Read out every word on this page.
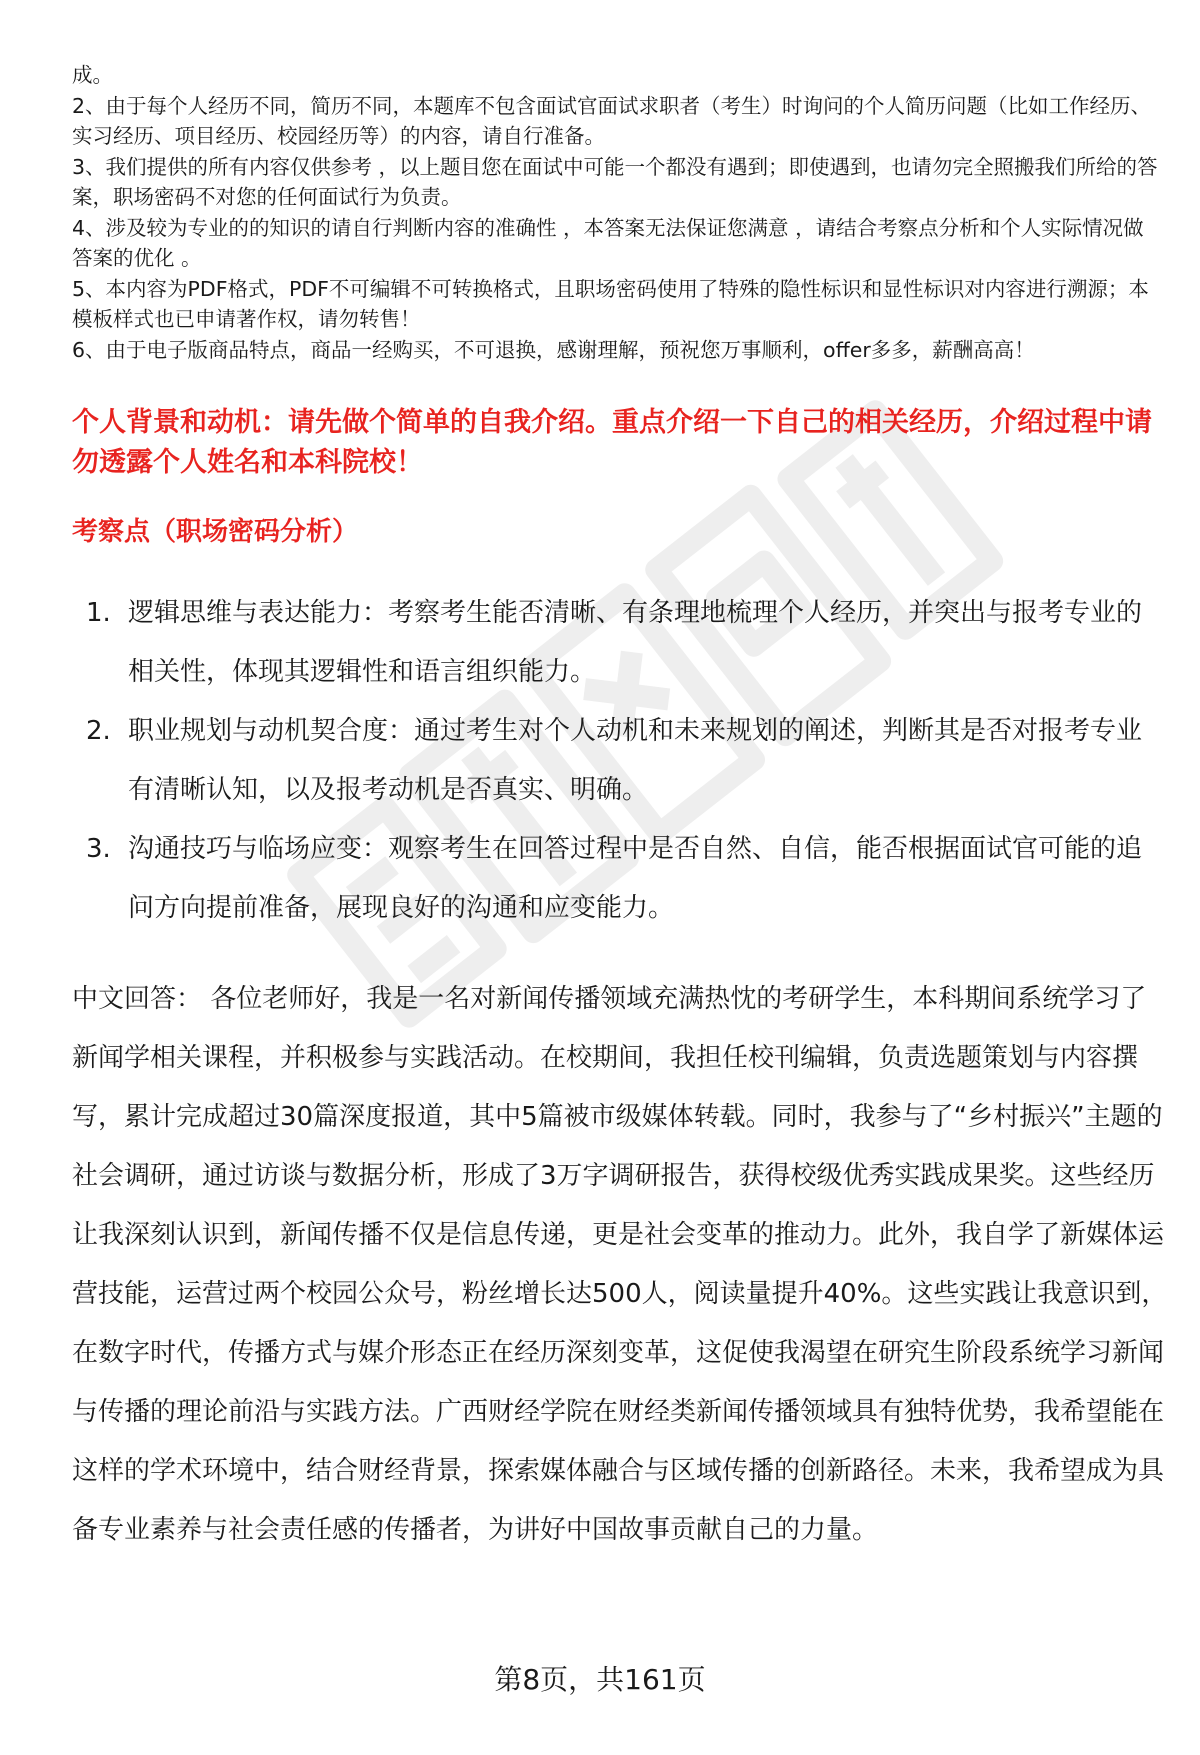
成。
2、由于每个人经历不同，简历不同，本题库不包含面试官面试求职者（考生）时询问的个人简历问题（比如工作经历、实习经历、项目经历、校园经历等）的内容，请自行准备。
3、我们提供的所有内容仅供参考 ，以上题目您在面试中可能一个都没有遇到；即使遇到，也请勿完全照搬我们所给的答案，职场密码不对您的任何面试行为负责。
4、涉及较为专业的的知识的请自行判断内容的准确性 ，本答案无法保证您满意 ，请结合考察点分析和个人实际情况做答案的优化 。
5、本内容为PDF格式，PDF不可编辑不可转换格式，且职场密码使用了特殊的隐性标识和显性标识对内容进行溯源；本模板样式也已申请著作权，请勿转售！
6、由于电子版商品特点，商品一经购买，不可退换，感谢理解，预祝您万事顺利，offer多多，薪酬高高！

个人背景和动机：请先做个简单的自我介绍。重点介绍一下自己的相关经历，介绍过程中请勿透露个人姓名和本科院校！

考察点（职场密码分析）

1. 逻辑思维与表达能力：考察考生能否清晰、有条理地梳理个人经历，并突出与报考专业的相关性，体现其逻辑性和语言组织能力。
2. 职业规划与动机契合度：通过考生对个人动机和未来规划的阐述，判断其是否对报考专业有清晰认知，以及报考动机是否真实、明确。
3. 沟通技巧与临场应变：观察考生在回答过程中是否自然、自信，能否根据面试官可能的追问方向提前准备，展现良好的沟通和应变能力。

中文回答： 各位老师好，我是一名对新闻传播领域充满热忱的考研学生，本科期间系统学习了新闻学相关课程，并积极参与实践活动。在校期间，我担任校刊编辑，负责选题策划与内容撰写，累计完成超过30篇深度报道，其中5篇被市级媒体转载。同时，我参与了“乡村振兴”主题的社会调研，通过访谈与数据分析，形成了3万字调研报告，获得校级优秀实践成果奖。这些经历让我深刻认识到，新闻传播不仅是信息传递，更是社会变革的推动力。此外，我自学了新媒体运营技能，运营过两个校园公众号，粉丝增长达500人，阅读量提升40%。这些实践让我意识到，在数字时代，传播方式与媒介形态正在经历深刻变革，这促使我渴望在研究生阶段系统学习新闻与传播的理论前沿与实践方法。广西财经学院在财经类新闻传播领域具有独特优势，我希望能在这样的学术环境中，结合财经背景，探索媒体融合与区域传播的创新路径。未来，我希望成为具备专业素养与社会责任感的传播者，为讲好中国故事贡献自己的力量。

第8页，共161页
